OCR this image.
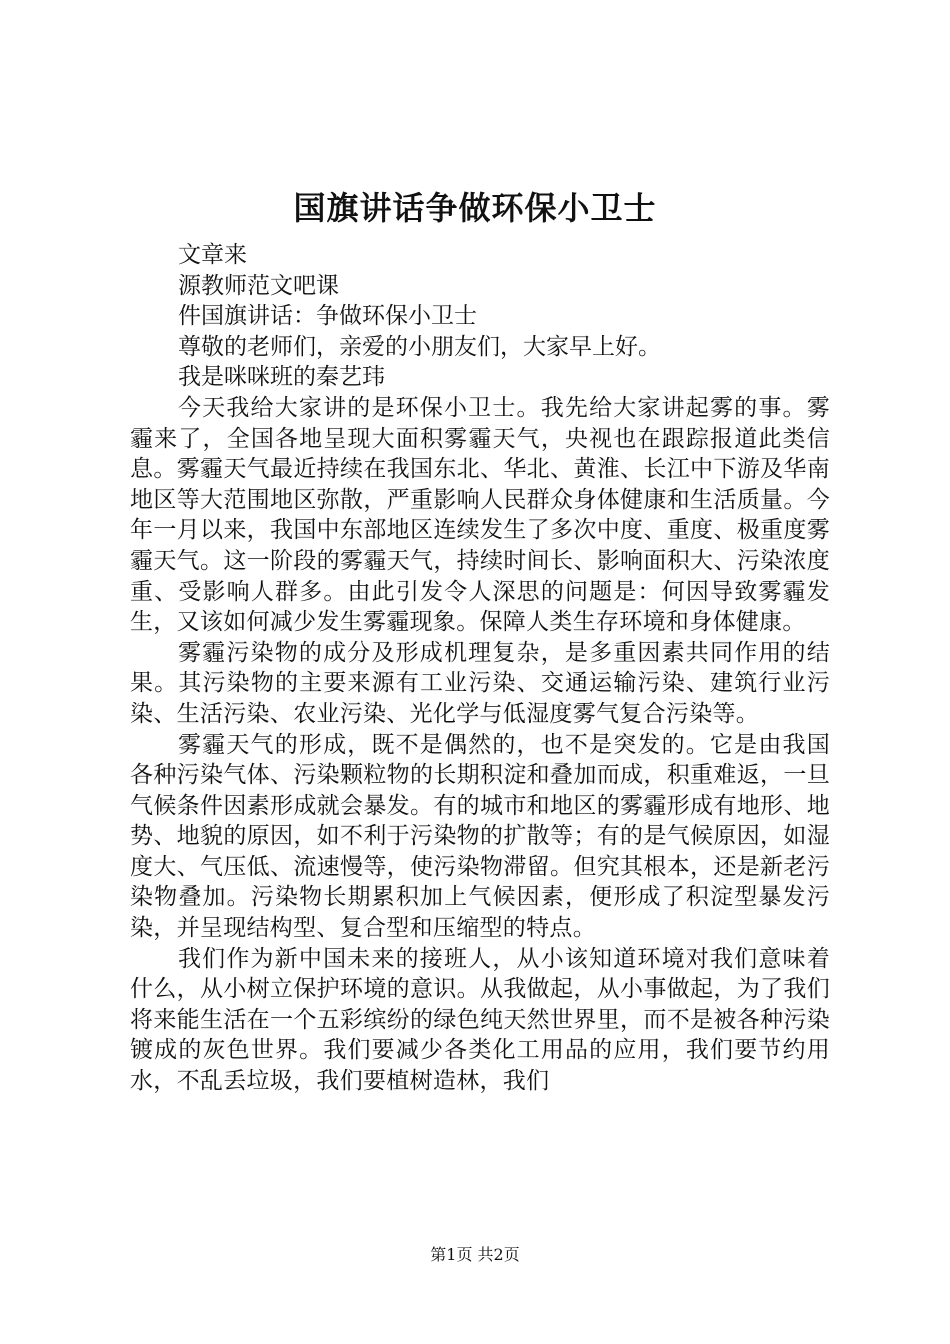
国旗讲话争做环保小卫士
文章来
源教师范文吧课
件国旗讲话：争做环保小卫士
尊敬的老师们，亲爱的小朋友们，大家早上好。
我是咪咪班的秦艺玮

今天我给大家讲的是环保小卫士。我先给大家讲起雾的事。雾霾来了，全国各地呈现大面积雾霾天气，央视也在跟踪报道此类信息。雾霾天气最近持续在我国东北、华北、黄淮、长江中下游及华南地区等大范围地区弥散，严重影响人民群众身体健康和生活质量。今年一月以来，我国中东部地区连续发生了多次中度、重度、极重度雾霾天气。这一阶段的雾霾天气，持续时间长、影响面积大、污染浓度重、受影响人群多。由此引发令人深思的问题是：何因导致雾霾发生，又该如何减少发生雾霾现象。保障人类生存环境和身体健康。

雾霾污染物的成分及形成机理复杂，是多重因素共同作用的结果。其污染物的主要来源有工业污染、交通运输污染、建筑行业污染、生活污染、农业污染、光化学与低湿度雾气复合污染等。

雾霾天气的形成，既不是偶然的，也不是突发的。它是由我国各种污染气体、污染颗粒物的长期积淀和叠加而成，积重难返，一旦气候条件因素形成就会暴发。有的城市和地区的雾霾形成有地形、地势、地貌的原因，如不利于污染物的扩散等；有的是气候原因，如湿度大、气压低、流速慢等，使污染物滞留。但究其根本，还是新老污染物叠加。污染物长期累积加上气候因素，便形成了积淀型暴发污染，并呈现结构型、复合型和压缩型的特点。

我们作为新中国未来的接班人，从小该知道环境对我们意味着什么，从小树立保护环境的意识。从我做起，从小事做起，为了我们将来能生活在一个五彩缤纷的绿色纯天然世界里，而不是被各种污染镀成的灰色世界。我们要减少各类化工用品的应用，我们要节约用水，不乱丢垃圾，我们要植树造林，我们

第1页 共2页
